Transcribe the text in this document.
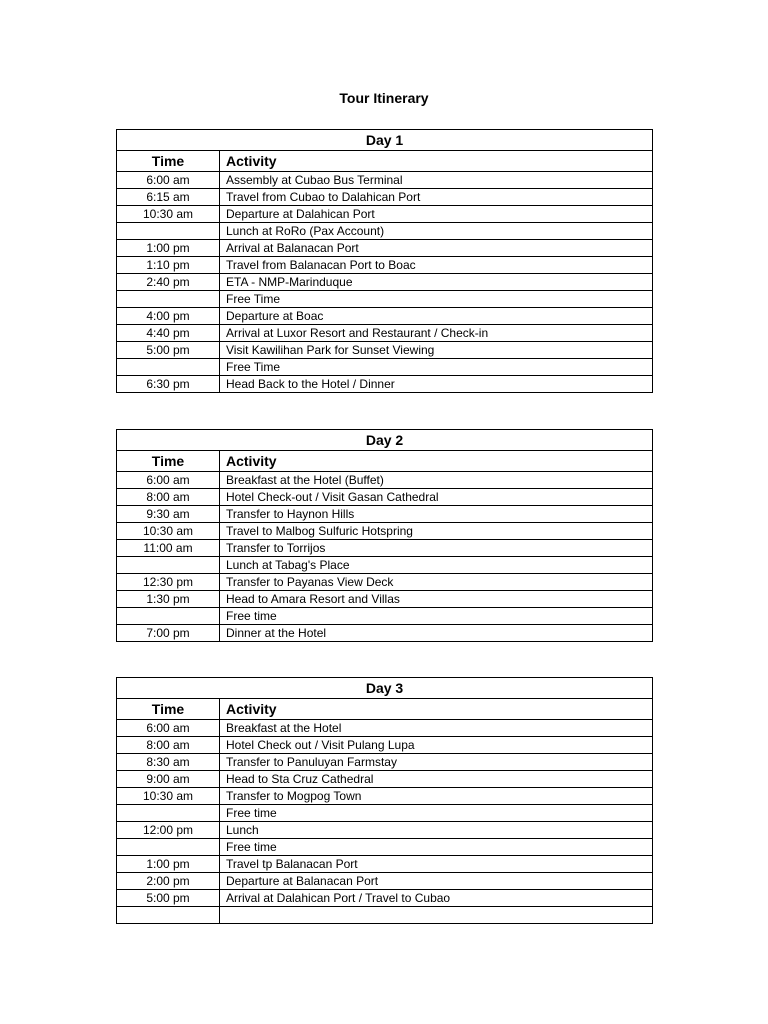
Tour Itinerary
Day 1	
Time	Activity
6:00 am	Assembly at Cubao Bus Terminal
6:15 am	Travel from Cubao to Dalahican Port
10:30 am	Departure at Dalahican Port
	Lunch at RoRo (Pax Account)
1:00 pm	Arrival at Balanacan Port
1:10 pm	Travel from Balanacan Port to Boac
2:40 pm	ETA - NMP-Marinduque
	Free Time
4:00 pm	Departure at Boac
4:40 pm	Arrival at Luxor Resort and Restaurant / Check-in
5:00 pm	Visit Kawilihan Park for Sunset Viewing
	Free Time
6:30 pm	Head Back to the Hotel / Dinner
Day 2	
Time	Activity
6:00 am	Breakfast at the Hotel (Buffet)
8:00 am	Hotel Check-out / Visit Gasan Cathedral
9:30 am	Transfer to Haynon Hills
10:30 am	Travel to Malbog Sulfuric Hotspring
11:00 am	Transfer to Torrijos
	Lunch at Tabag's Place
12:30 pm	Transfer to Payanas View Deck
1:30 pm	Head to Amara Resort and Villas
	Free time
7:00 pm	Dinner at the Hotel
Day 3	
Time	Activity
6:00 am	Breakfast at the Hotel
8:00 am	Hotel Check out / Visit Pulang Lupa
8:30 am	Transfer to Panuluyan Farmstay
9:00 am	Head to Sta Cruz Cathedral
10:30 am	Transfer to Mogpog Town
	Free time
12:00 pm	Lunch
	Free time
1:00 pm	Travel tp Balanacan Port
2:00 pm	Departure at Balanacan Port
5:00 pm	Arrival at Dalahican Port / Travel to Cubao
